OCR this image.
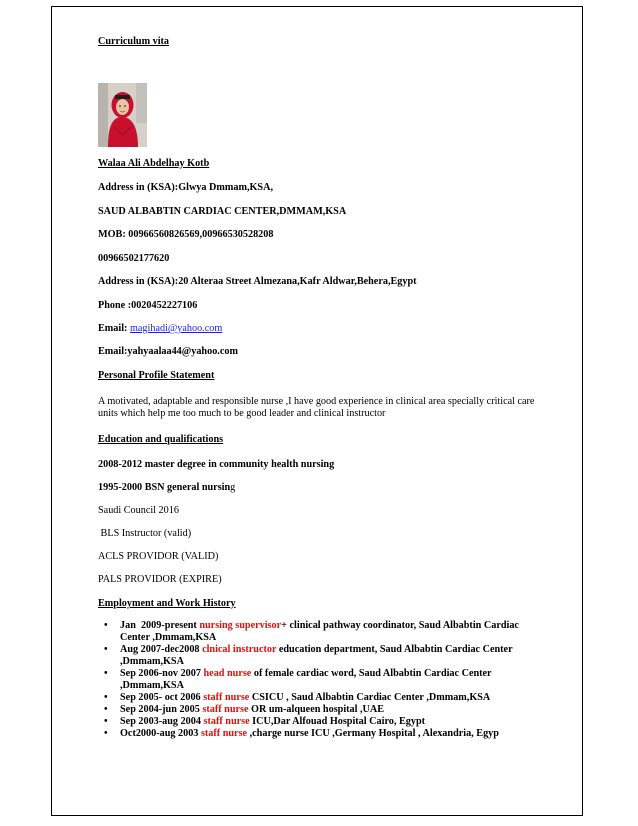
Curriculum vita
Walaa Ali Abdelhay Kotb
Address in (KSA):Glwya Dmmam,KSA,
SAUD ALBABTIN CARDIAC CENTER,DMMAM,KSA
MOB: 00966560826569,00966530528208
00966502177620
Address in (KSA):20 Alteraa Street Almezana,Kafr Aldwar,Behera,Egypt
Phone :0020452227106
Email: magihadi@yahoo.com
Email:yahyaalaa44@yahoo.com
Personal Profile Statement
A motivated, adaptable and responsible nurse ,I have good experience in clinical area specially critical care units which help me too much to be good leader and clinical instructor
Education and qualifications
2008-2012 master degree in community health nursing
1995-2000 BSN general nursing
Saudi Council 2016
BLS Instructor (valid)
ACLS PROVIDOR (VALID)
PALS PROVIDOR (EXPIRE)
Employment and Work History
• Jan  2009-present nursing supervisor+ clinical pathway coordinator, Saud Albabtin Cardiac Center ,Dmmam,KSA
• Aug 2007-dec2008 clnical instructor education department, Saud Albabtin Cardiac Center ,Dmmam,KSA
• Sep 2006-nov 2007 head nurse of female cardiac word, Saud Albabtin Cardiac Center ,Dmmam,KSA
• Sep 2005- oct 2006 staff nurse CSICU , Saud Albabtin Cardiac Center ,Dmmam,KSA
• Sep 2004-jun 2005 staff nurse OR um-alqueen hospital ,UAE
• Sep 2003-aug 2004 staff nurse ICU,Dar Alfouad Hospital Cairo, Egypt
• Oct2000-aug 2003 staff nurse ,charge nurse ICU ,Germany Hospital , Alexandria, Egyp
